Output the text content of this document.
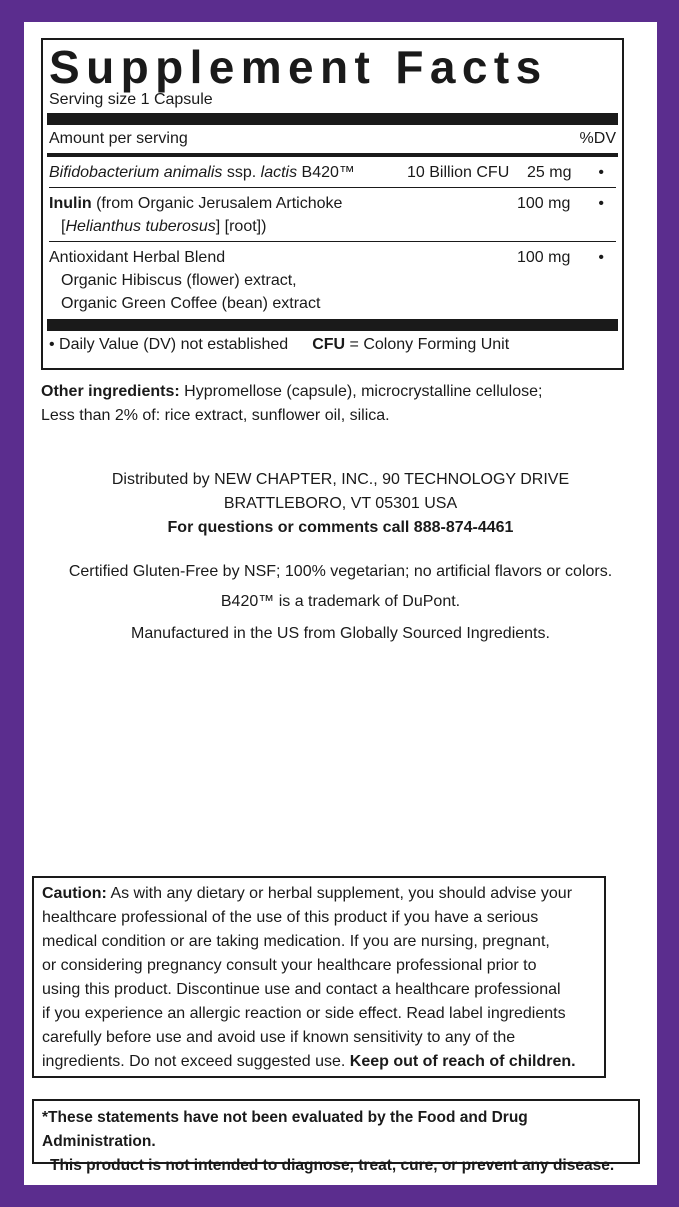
Supplement Facts
Serving size 1 Capsule
Amount per serving	%DV
Bifidobacterium animalis ssp. lactis B420™	10 Billion CFU 25 mg •
Inulin (from Organic Jerusalem Artichoke
[Helianthus tuberosus] [root])
100 mg •
Antioxidant Herbal Blend
Organic Hibiscus (flower) extract,
Organic Green Coffee (bean) extract
100 mg •
• Daily Value (DV) not established CFU = Colony Forming Unit
Other ingredients: Hypromellose (capsule), microcrystalline cellulose;
Less than 2% of: rice extract, sunflower oil, silica.
Distributed by NEW CHAPTER, INC., 90 TECHNOLOGY DRIVE
BRATTLEBORO, VT 05301 USA
For questions or comments call 888-874-4461
Certified Gluten-Free by NSF; 100% vegetarian; no artificial flavors or colors.
B420™ is a trademark of DuPont.
Manufactured in the US from Globally Sourced Ingredients.
Caution: As with any dietary or herbal supplement, you should advise your
healthcare professional of the use of this product if you have a serious
medical condition or are taking medication. If you are nursing, pregnant,
or considering pregnancy consult your healthcare professional prior to
using this product. Discontinue use and contact a healthcare professional
if you experience an allergic reaction or side effect. Read label ingredients
carefully before use and avoid use if known sensitivity to any of the
ingredients. Do not exceed suggested use. Keep out of reach of children.
*These statements have not been evaluated by the Food and Drug Administration.
This product is not intended to diagnose, treat, cure, or prevent any disease.
